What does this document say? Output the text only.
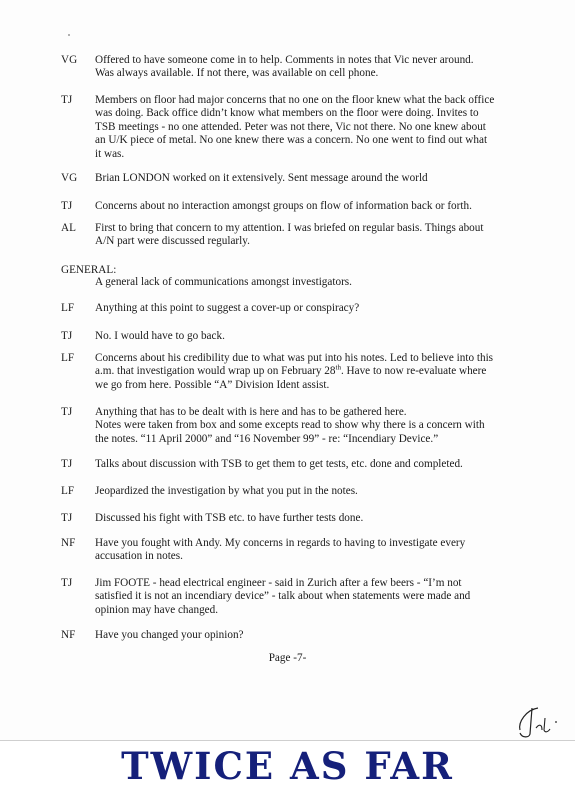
VG	Offered to have someone come in to help. Comments in notes that Vic never around.
Was always available. If not there, was available on cell phone.
TJ	Members on floor had major concerns that no one on the floor knew what the back office
was doing. Back office didn’t know what members on the floor were doing. Invites to
TSB meetings - no one attended. Peter was not there, Vic not there. No one knew about
an U/K piece of metal. No one knew there was a concern. No one went to find out what
it was.
VG	Brian LONDON worked on it extensively. Sent message around the world
TJ	Concerns about no interaction amongst groups on flow of information back or forth.
AL	First to bring that concern to my attention. I was briefed on regular basis. Things about
A/N part were discussed regularly.
GENERAL:
A general lack of communications amongst investigators.
LF	Anything at this point to suggest a cover-up or conspiracy?
TJ	No. I would have to go back.
LF	Concerns about his credibility due to what was put into his notes. Led to believe into this
a.m. that investigation would wrap up on February 28th. Have to now re-evaluate where
we go from here. Possible “A” Division Ident assist.
TJ	Anything that has to be dealt with is here and has to be gathered here.
Notes were taken from box and some excepts read to show why there is a concern with
the notes. “11 April 2000” and “16 November 99” - re: “Incendiary Device.”
TJ	Talks about discussion with TSB to get them to get tests, etc. done and completed.
LF	Jeopardized the investigation by what you put in the notes.
TJ	Discussed his fight with TSB etc. to have further tests done.
NF	Have you fought with Andy. My concerns in regards to having to investigate every
accusation in notes.
TJ	Jim FOOTE - head electrical engineer - said in Zurich after a few beers - “I’m not
satisfied it is not an incendiary device” - talk about when statements were made and
opinion may have changed.
NF	Have you changed your opinion?
Page -7-
TWICE AS FAR
